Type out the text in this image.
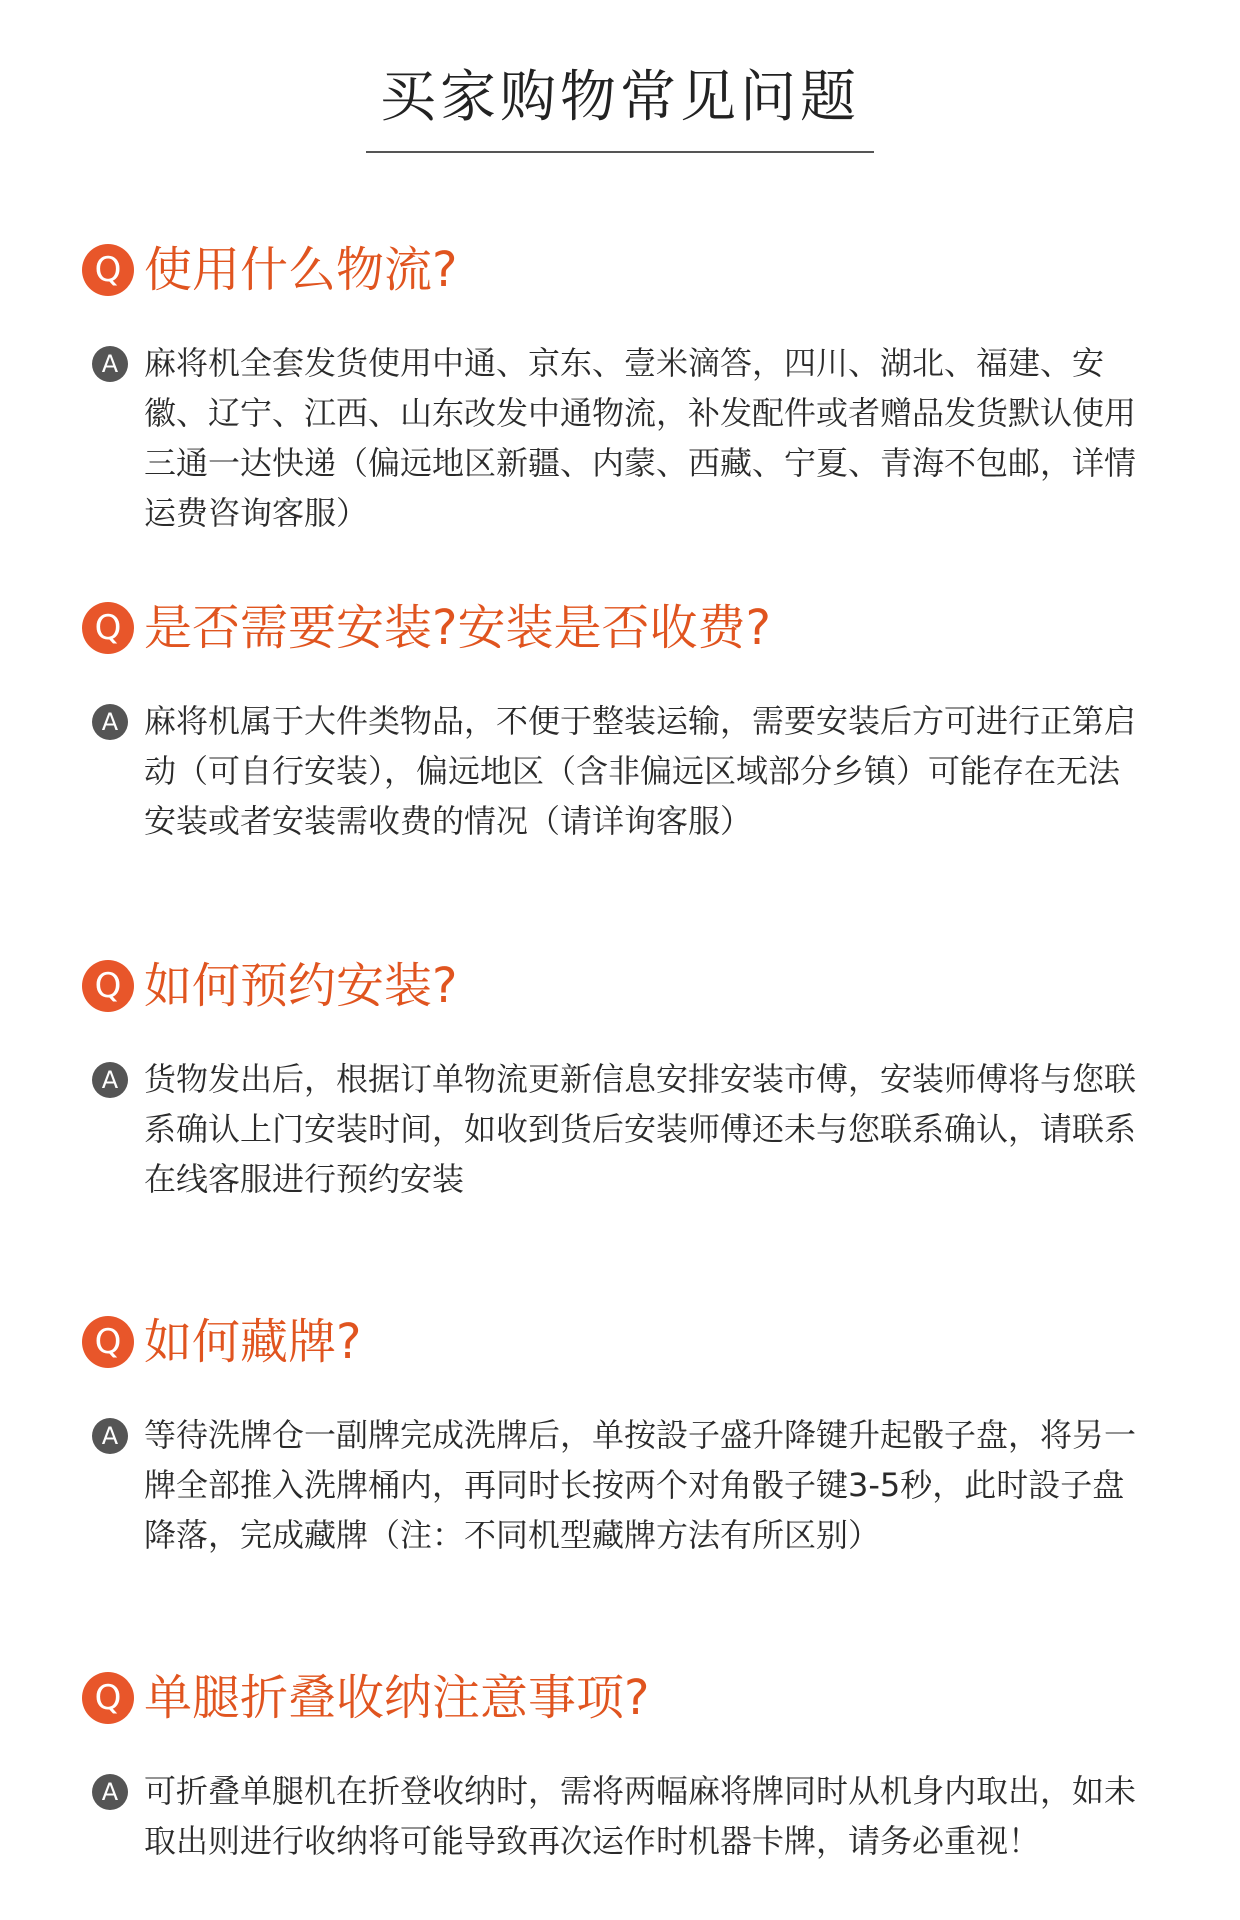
买家购物常见问题
Q 使用什么物流?
A 麻将机全套发货使用中通、京东、壹米滴答，四川、湖北、福建、安徽、辽宁、江西、山东改发中通物流，补发配件或者赠品发货默认使用三通一达快递（偏远地区新疆、内蒙、西藏、宁夏、青海不包邮，详情运费咨询客服）
Q 是否需要安装?安装是否收费?
A 麻将机属于大件类物品，不便于整装运输，需要安装后方可进行正第启动（可自行安装），偏远地区（含非偏远区域部分乡镇）可能存在无法安装或者安装需收费的情况（请详询客服）
Q 如何预约安装?
A 货物发出后，根据订单物流更新信息安排安装市傅，安装师傅将与您联系确认上门安装时间，如收到货后安装师傅还未与您联系确认，请联系在线客服进行预约安装
Q 如何藏牌?
A 等待洗牌仓一副牌完成洗牌后，单按設子盛升降键升起骰子盘，将另一牌全部推入洗牌桶内，再同时长按两个对角骰子键3-5秒，此时設子盘降落，完成藏牌（注：不同机型藏牌方法有所区别）
Q 单腿折叠收纳注意事项?
A 可折叠单腿机在折登收纳时，需将两幅麻将牌同时从机身内取出，如未取出则进行收纳将可能导致再次运作时机器卡牌，请务必重视！
